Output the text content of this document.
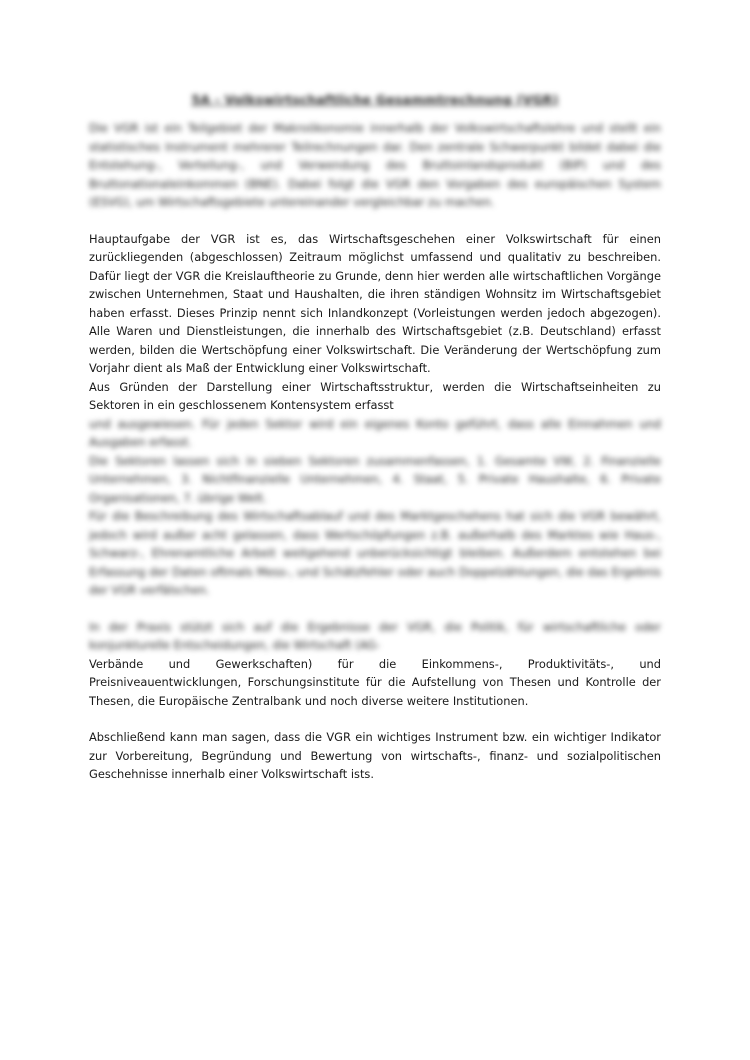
5A - Volkswirtschaftliche Gesammtrechnung (VGR)

Die VGR ist ein Teilgebiet der Makroökonomie innerhalb der Volkswirtschaftslehre und stellt ein statistisches Instrument mehrerer Teilrechnungen dar. Den zentrale Schwerpunkt bildet dabei die Entstehung-, Verteilung-, und Verwendung des Bruttoinlandsprodukt (BIP) und des Bruttonationaleinkommen (BNE). Dabei folgt die VGR den Vorgaben des europäischen System (ESVG), um Wirtschaftsgebiete untereinander vergleichbar zu machen.

Hauptaufgabe der VGR ist es, das Wirtschaftsgeschehen einer Volkswirtschaft für einen zurückliegenden (abgeschlossen) Zeitraum möglichst umfassend und qualitativ zu beschreiben. Dafür liegt der VGR die Kreislauftheorie zu Grunde, denn hier werden alle wirtschaftlichen Vorgänge zwischen Unternehmen, Staat und Haushalten, die ihren ständigen Wohnsitz im Wirtschaftsgebiet haben erfasst. Dieses Prinzip nennt sich Inlandkonzept (Vorleistungen werden jedoch abgezogen). Alle Waren und Dienstleistungen, die innerhalb des Wirtschaftsgebiet (z.B. Deutschland) erfasst werden, bilden die Wertschöpfung einer Volkswirtschaft. Die Veränderung der Wertschöpfung zum Vorjahr dient als Maß der Entwicklung einer Volkswirtschaft.

Aus Gründen der Darstellung einer Wirtschaftsstruktur, werden die Wirtschaftseinheiten zu Sektoren in ein geschlossenem Kontensystem erfasst

und ausgewiesen. Für jeden Sektor wird ein eigenes Konto geführt, dass alle Einnahmen und Ausgaben erfasst.

Die Sektoren lassen sich in sieben Sektoren zusammenfassen, 1. Gesamte VW, 2. Finanzielle Unternehmen, 3. Nichtfinanzielle Unternehmen, 4. Staat, 5. Private Haushalte, 6. Private Organisationen, 7. übrige Welt.

Für die Beschreibung des Wirtschaftsablauf und des Marktgeschehens hat sich die VGR bewährt, jedoch wird außer acht gelassen, dass Wertschöpfungen z.B. außerhalb des Marktes wie Haus-, Schwarz-, Ehrenamtliche Arbeit weitgehend unberücksichtigt bleiben. Außerdem entstehen bei Erfassung der Daten oftmals Mess-, und Schätzfehler oder auch Doppelzählungen, die das Ergebnis der VGR verfälschen.

In der Praxis stützt sich auf die Ergebnisse der VGR, die Politik, für wirtschaftliche oder konjunkturelle Entscheidungen, die Wirtschaft (AG-

Verbände und Gewerkschaften) für die Einkommens-, Produktivitäts-, und Preisniveauentwicklungen, Forschungsinstitute für die Aufstellung von Thesen und Kontrolle der Thesen, die Europäische Zentralbank und noch diverse weitere Institutionen.

Abschließend kann man sagen, dass die VGR ein wichtiges Instrument bzw. ein wichtiger Indikator zur Vorbereitung, Begründung und Bewertung von wirtschafts-, finanz- und sozialpolitischen Geschehnisse innerhalb einer Volkswirtschaft ists.
